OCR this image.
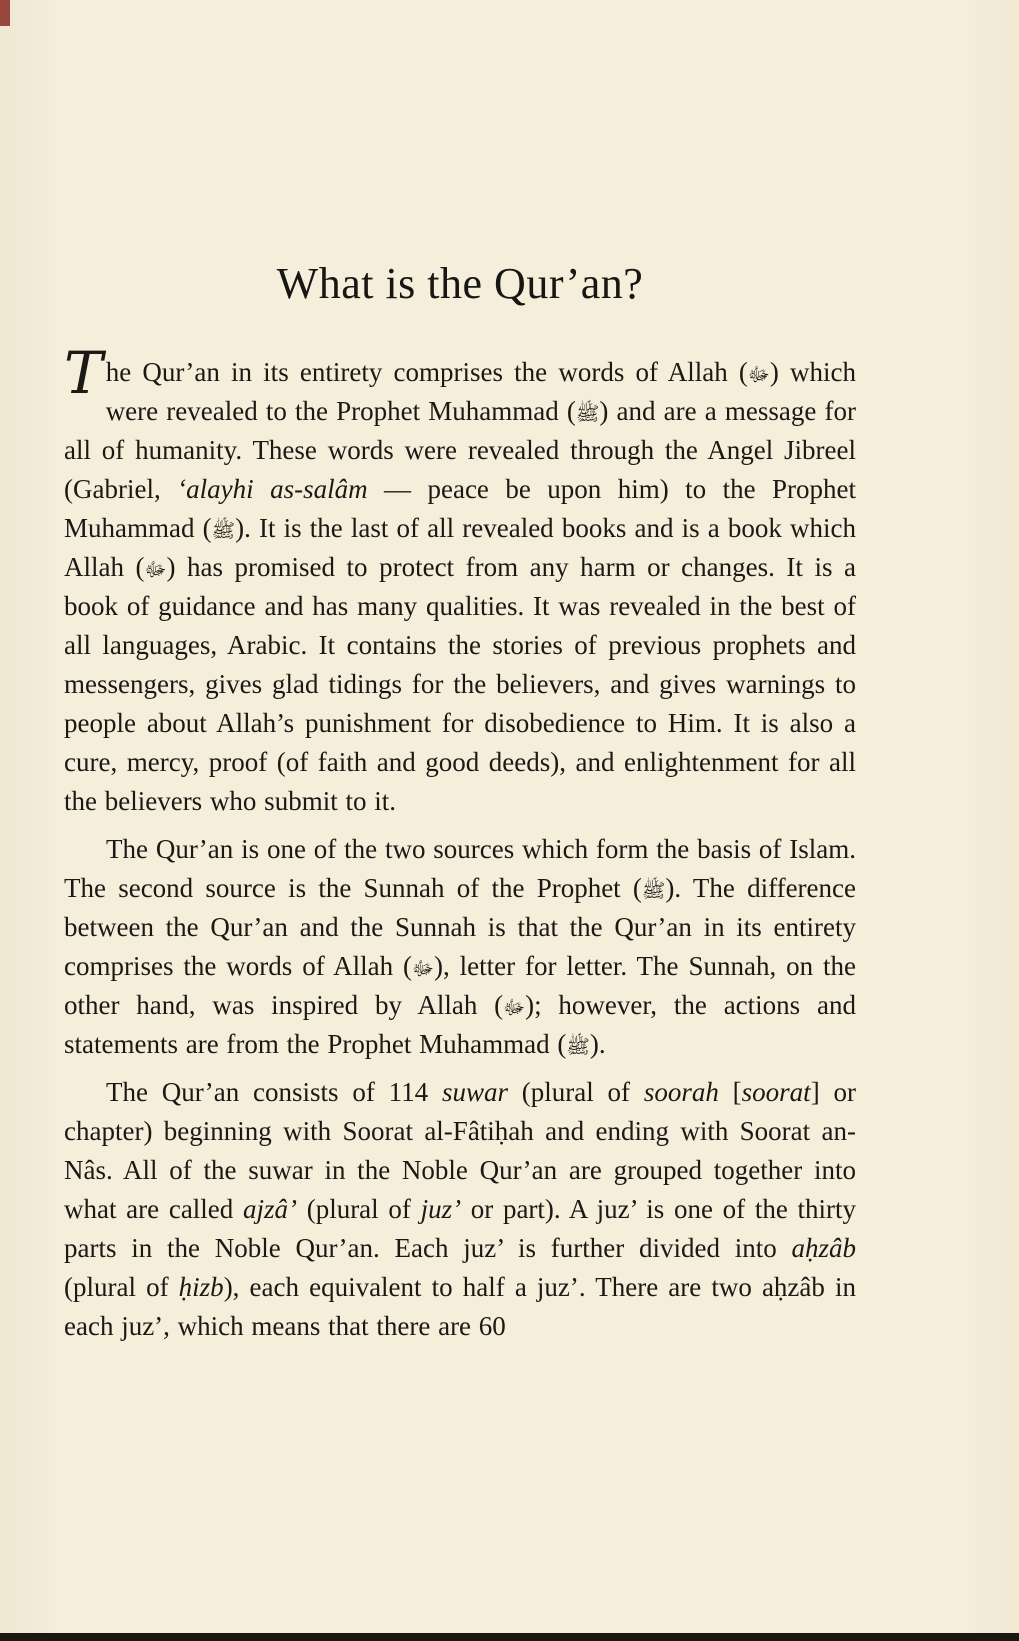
What is the Qur’an?

The Qur’an in its entirety comprises the words of Allah (ﷻ) which were revealed to the Prophet Muhammad (ﷺ) and are a message for all of humanity. These words were revealed through the Angel Jibreel (Gabriel, ‘alayhi as-salâm — peace be upon him) to the Prophet Muhammad (ﷺ). It is the last of all revealed books and is a book which Allah (ﷻ) has promised to protect from any harm or changes. It is a book of guidance and has many qualities. It was revealed in the best of all languages, Arabic. It contains the stories of previous prophets and messengers, gives glad tidings for the believers, and gives warnings to people about Allah’s punishment for disobedience to Him. It is also a cure, mercy, proof (of faith and good deeds), and enlightenment for all the believers who submit to it.

The Qur’an is one of the two sources which form the basis of Islam. The second source is the Sunnah of the Prophet (ﷺ). The difference between the Qur’an and the Sunnah is that the Qur’an in its entirety comprises the words of Allah (ﷻ), letter for letter. The Sunnah, on the other hand, was inspired by Allah (ﷻ); however, the actions and statements are from the Prophet Muhammad (ﷺ).

The Qur’an consists of 114 suwar (plural of soorah [soorat] or chapter) beginning with Soorat al-Fâtiḥah and ending with Soorat an-Nâs. All of the suwar in the Noble Qur’an are grouped together into what are called ajzâ’ (plural of juz’ or part). A juz’ is one of the thirty parts in the Noble Qur’an. Each juz’ is further divided into aḥzâb (plural of ḥizb), each equivalent to half a juz’. There are two aḥzâb in each juz’, which means that there are 60
